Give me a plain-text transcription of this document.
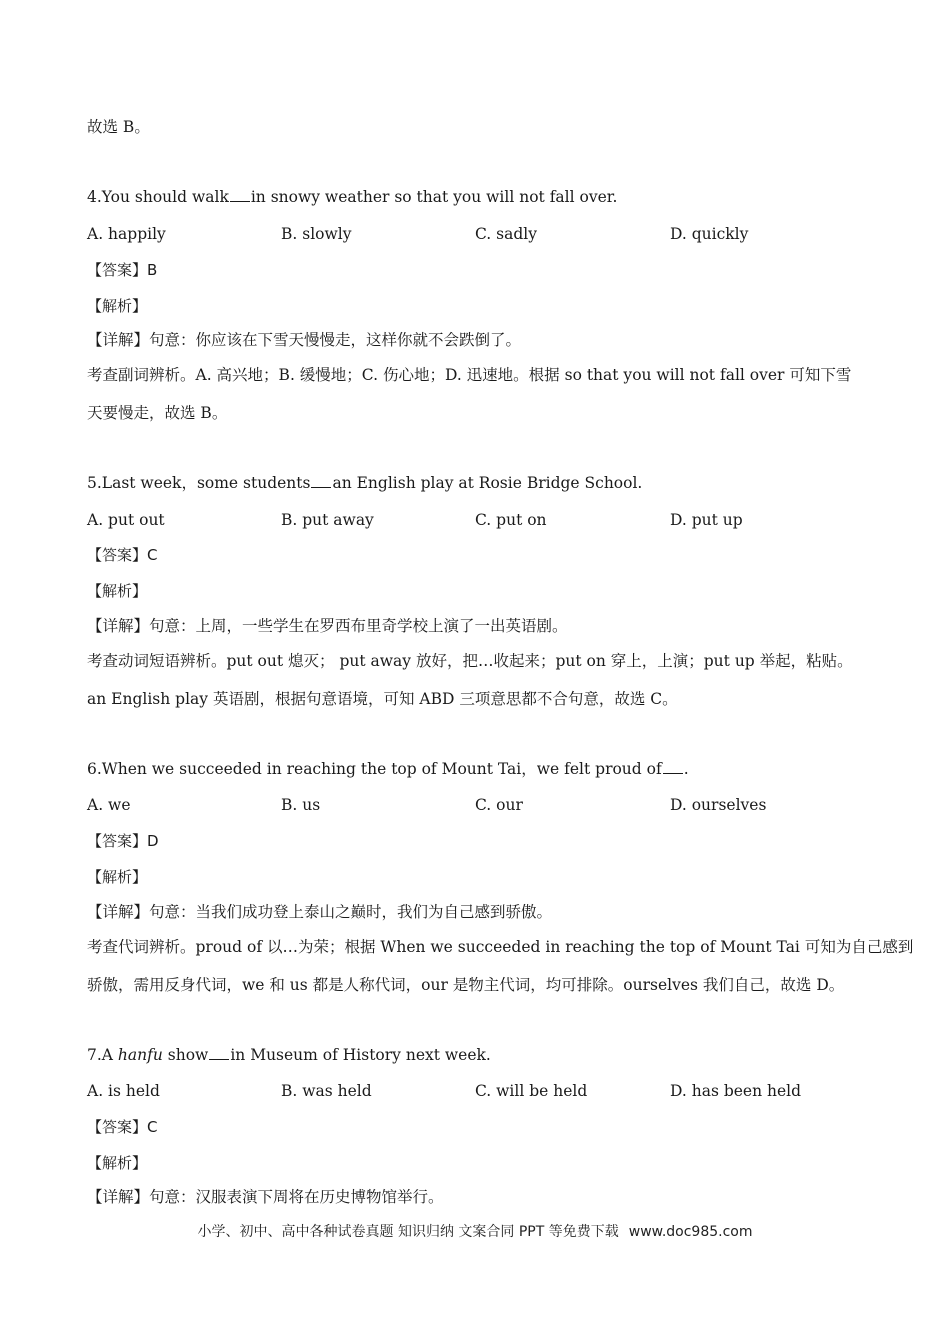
故选 B。
4.You should walk in snowy weather so that you will not fall over.
A. happily	B. slowly	C. sadly	D. quickly
【答案】B
【解析】
【详解】句意：你应该在下雪天慢慢走，这样你就不会跌倒了。
考查副词辨析。A. 高兴地；B. 缓慢地；C. 伤心地；D. 迅速地。根据 so that you will not fall over 可知下雪
天要慢走，故选 B。
5.Last week，some students an English play at Rosie Bridge School.
A. put out	B. put away	C. put on	D. put up
【答案】C
【解析】
【详解】句意：上周，一些学生在罗西布里奇学校上演了一出英语剧。
考查动词短语辨析。put out 熄灭； put away 放好，把…收起来；put on 穿上，上演；put up 举起，粘贴。
an English play 英语剧，根据句意语境，可知 ABD 三项意思都不合句意，故选 C。
6.When we succeeded in reaching the top of Mount Tai，we felt proud of .
A. we	B. us	C. our	D. ourselves
【答案】D
【解析】
【详解】句意：当我们成功登上泰山之巅时，我们为自己感到骄傲。
考查代词辨析。proud of 以…为荣；根据 When we succeeded in reaching the top of Mount Tai 可知为自己感到
骄傲，需用反身代词，we 和 us 都是人称代词，our 是物主代词，均可排除。ourselves 我们自己，故选 D。
7.A hanfu show in Museum of History next week.
A. is held	B. was held	C. will be held	D. has been held
【答案】C
【解析】
【详解】句意：汉服表演下周将在历史博物馆举行。
小学、初中、高中各种试卷真题 知识归纳 文案合同 PPT 等免费下载 www.doc985.com
